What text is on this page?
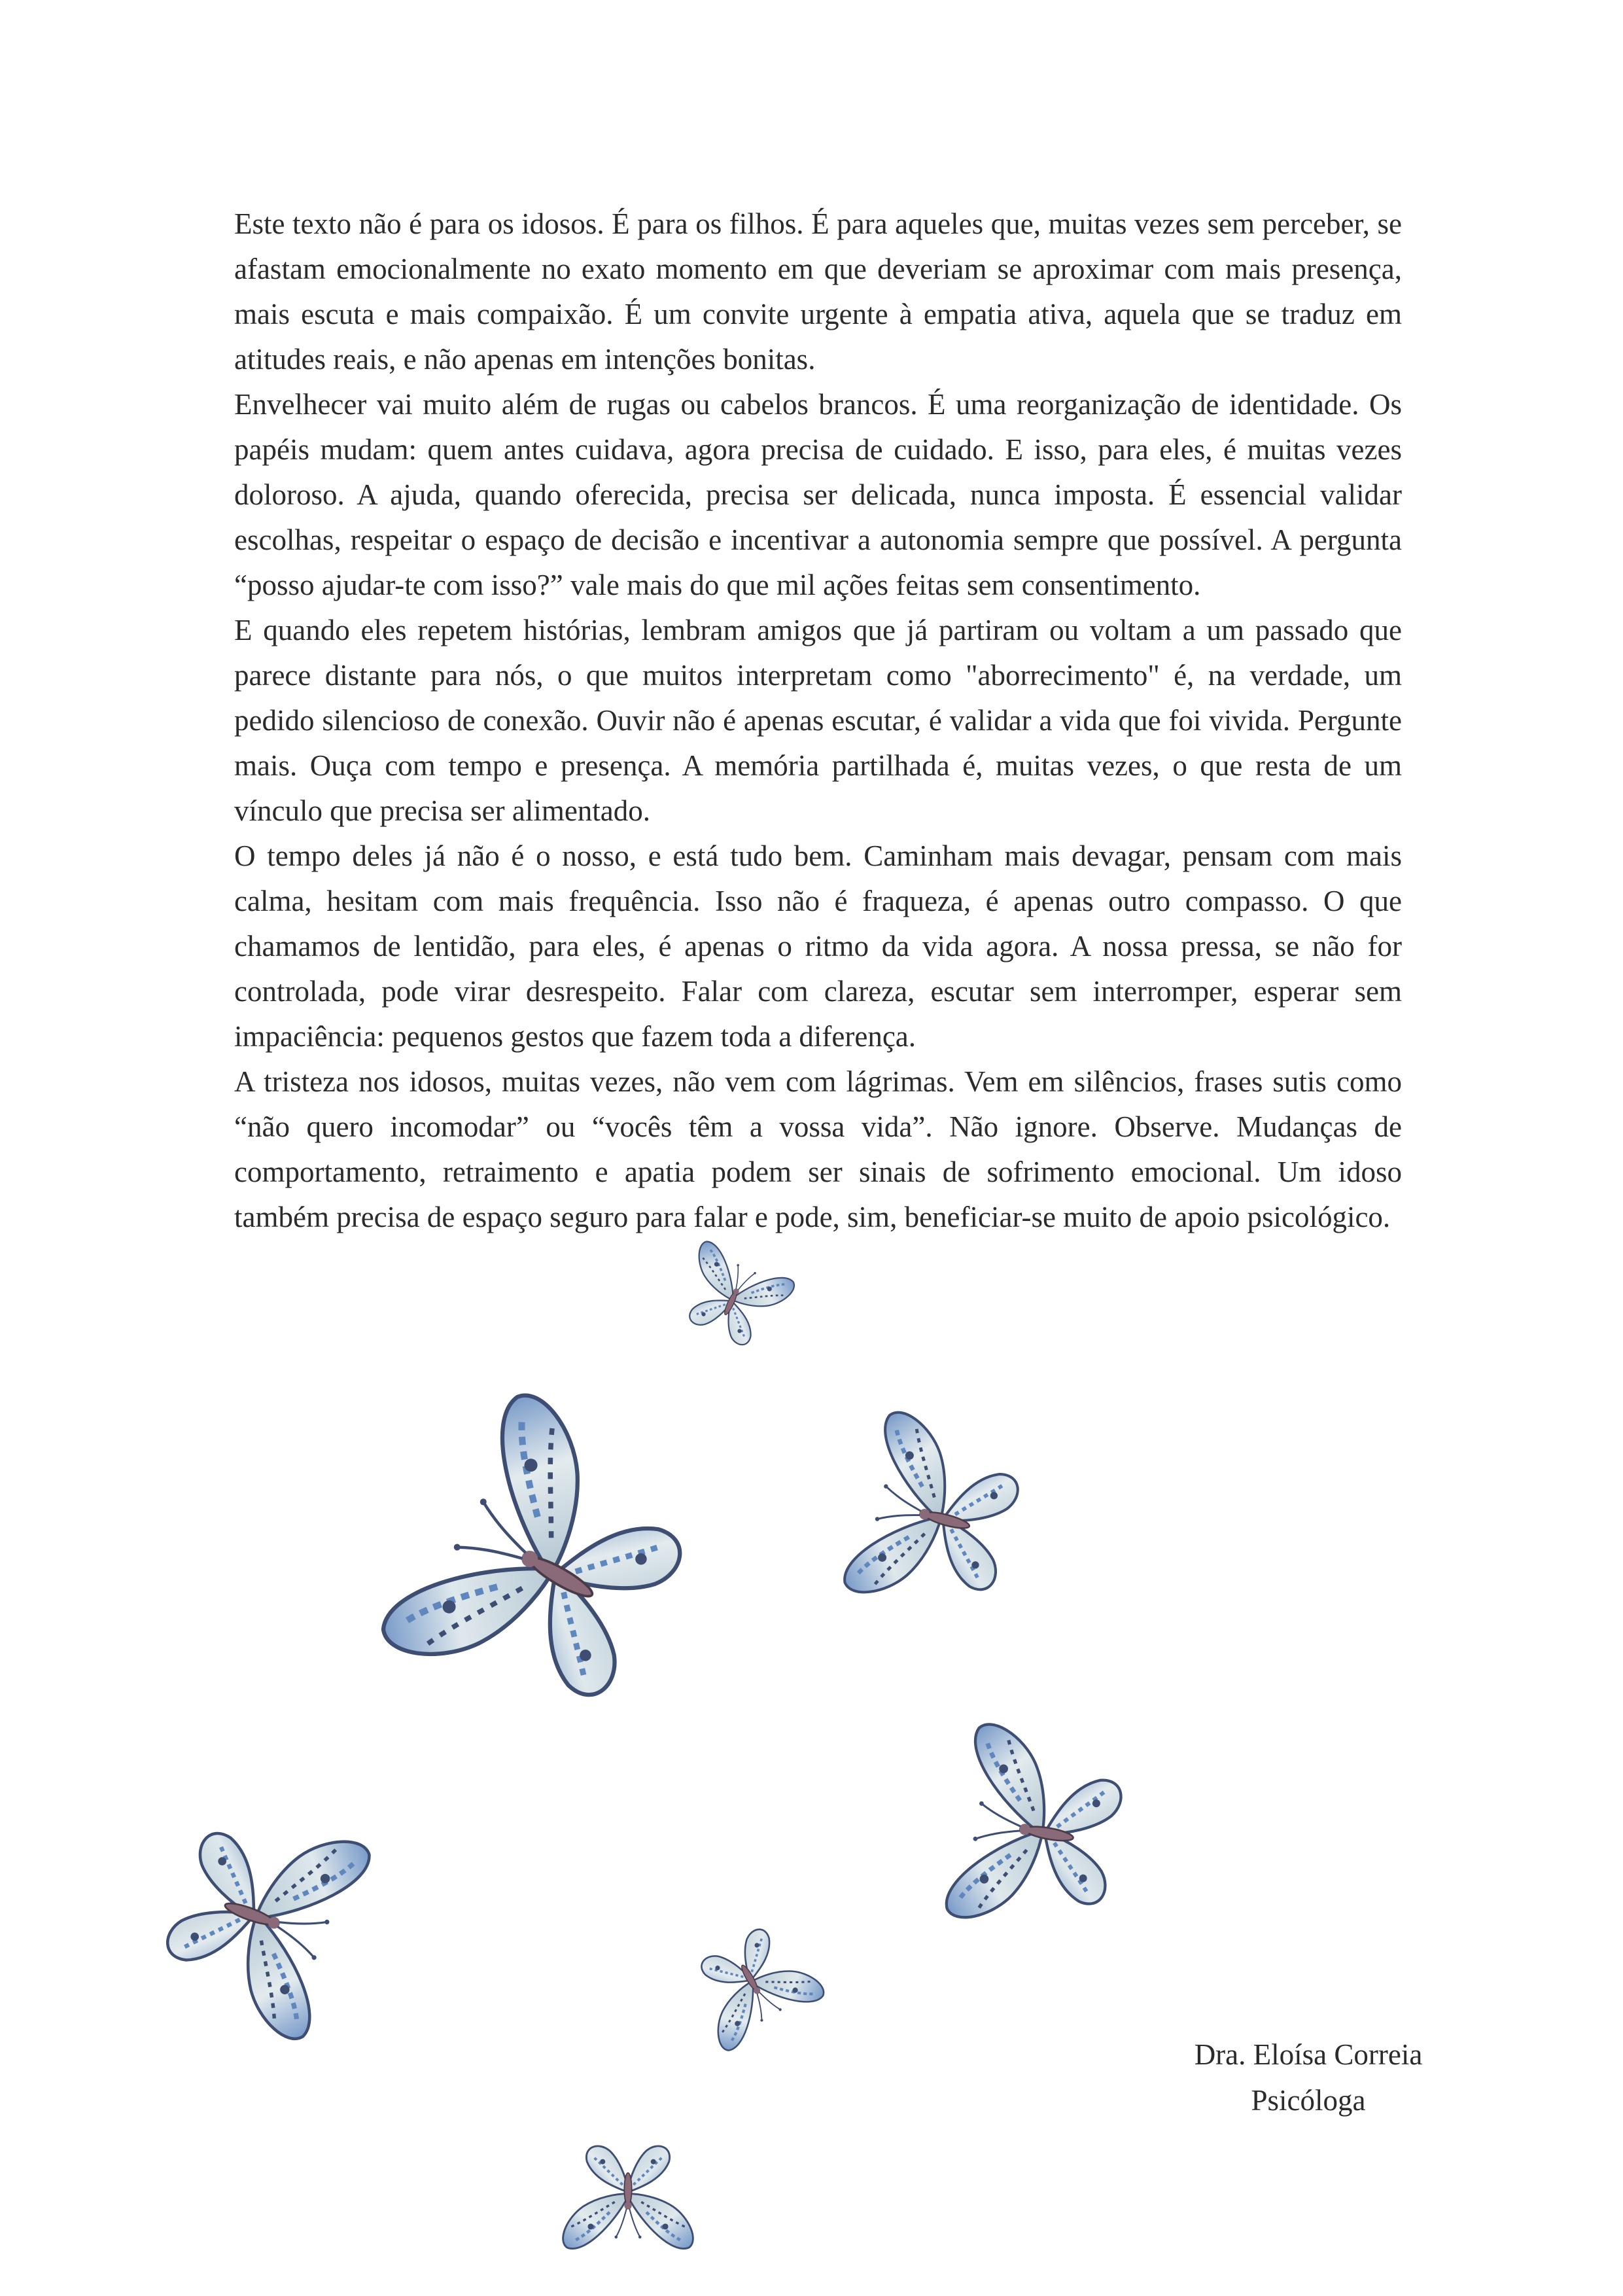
Este texto não é para os idosos. É para os filhos. É para aqueles que, muitas vezes sem perceber, se afastam emocionalmente no exato momento em que deveriam se aproximar com mais presença, mais escuta e mais compaixão. É um convite urgente à empatia ativa, aquela que se traduz em atitudes reais, e não apenas em intenções bonitas.

Envelhecer vai muito além de rugas ou cabelos brancos. É uma reorganização de identidade. Os papéis mudam: quem antes cuidava, agora precisa de cuidado. E isso, para eles, é muitas vezes doloroso. A ajuda, quando oferecida, precisa ser delicada, nunca imposta. É essencial validar escolhas, respeitar o espaço de decisão e incentivar a autonomia sempre que possível. A pergunta “posso ajudar-te com isso?” vale mais do que mil ações feitas sem consentimento.

E quando eles repetem histórias, lembram amigos que já partiram ou voltam a um passado que parece distante para nós, o que muitos interpretam como "aborrecimento" é, na verdade, um pedido silencioso de conexão. Ouvir não é apenas escutar, é validar a vida que foi vivida. Pergunte mais. Ouça com tempo e presença. A memória partilhada é, muitas vezes, o que resta de um vínculo que precisa ser alimentado.

O tempo deles já não é o nosso, e está tudo bem. Caminham mais devagar, pensam com mais calma, hesitam com mais frequência. Isso não é fraqueza, é apenas outro compasso. O que chamamos de lentidão, para eles, é apenas o ritmo da vida agora. A nossa pressa, se não for controlada, pode virar desrespeito. Falar com clareza, escutar sem interromper, esperar sem impaciência: pequenos gestos que fazem toda a diferença.

A tristeza nos idosos, muitas vezes, não vem com lágrimas. Vem em silêncios, frases sutis como “não quero incomodar” ou “vocês têm a vossa vida”. Não ignore. Observe. Mudanças de comportamento, retraimento e apatia podem ser sinais de sofrimento emocional. Um idoso também precisa de espaço seguro para falar e pode, sim, beneficiar-se muito de apoio psicológico.

Dra. Eloísa Correia
Psicóloga
